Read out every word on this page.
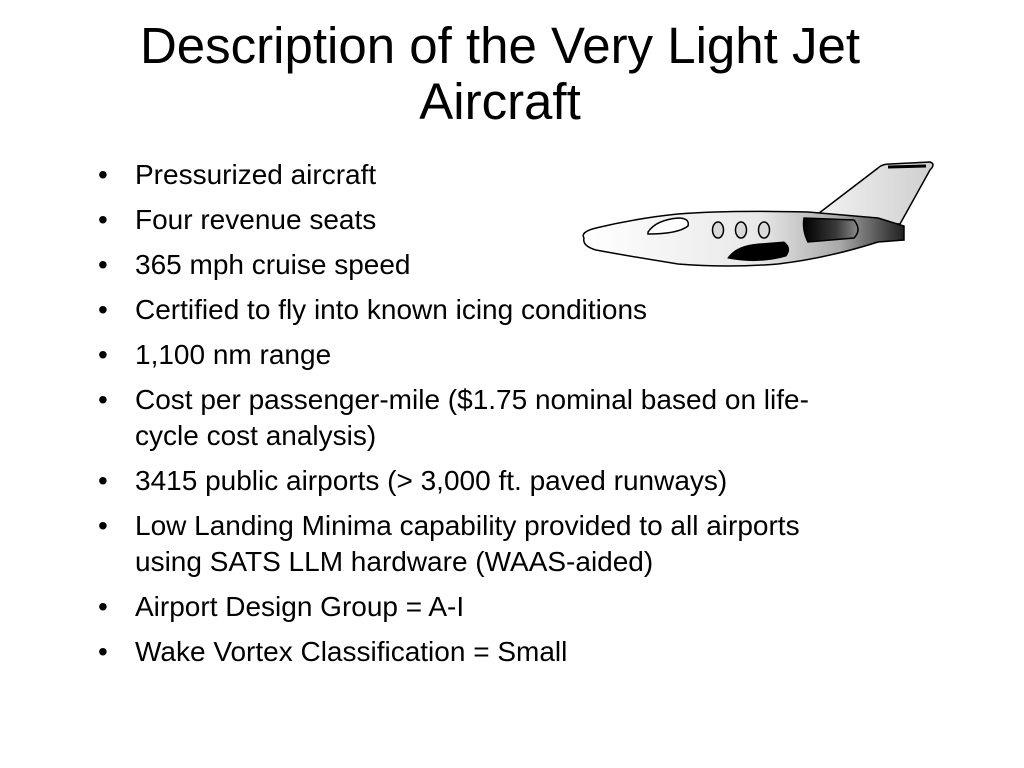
Description of the Very Light Jet
Aircraft
• Pressurized aircraft
• Four revenue seats
• 365 mph cruise speed
• Certified to fly into known icing conditions
• 1,100 nm range
• Cost per passenger-mile ($1.75 nominal based on life-cycle cost analysis)
• 3415 public airports (> 3,000 ft. paved runways)
• Low Landing Minima capability provided to all airports using SATS LLM hardware (WAAS-aided)
• Airport Design Group = A-I
• Wake Vortex Classification = Small
